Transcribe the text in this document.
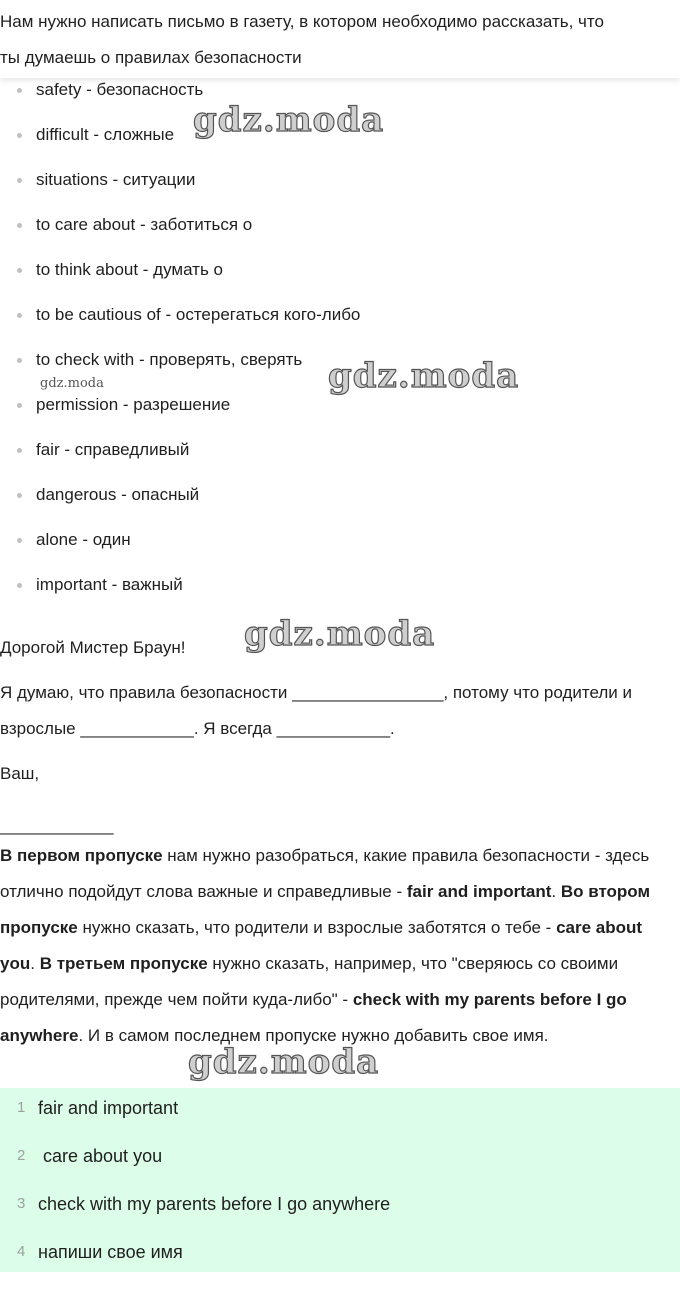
Нам нужно написать письмо в газету, в котором необходимо рассказать, что

ты думаешь о правилах безопасности

safety - безопасность
difficult - сложные
situations - ситуации
to care about - заботиться о
to think about - думать о
to be cautious of - остерегаться кого-либо
to check with - проверять, сверять
permission - разрешение
fair - справедливый
dangerous - опасный
alone - один
important - важный

Дорогой Мистер Браун!

Я думаю, что правила безопасности ________________, потому что родители и

взрослые ____________. Я всегда ____________.

Ваш,

____________

В первом пропуске нам нужно разобраться, какие правила безопасности - здесь отлично подойдут слова важные и справедливые - fair and important. Во втором пропуске нужно сказать, что родители и взрослые заботятся о тебе - care about you. В третьем пропуске нужно сказать, например, что "сверяюсь со своими родителями, прежде чем пойти куда-либо" - check with my parents before I go anywhere. И в самом последнем пропуске нужно добавить свое имя.

1 fair and important
2 care about you
3 check with my parents before I go anywhere
4 напиши свое имя
gdz.moda
gdz.moda
gdz.moda
gdz.moda
gdz.moda
